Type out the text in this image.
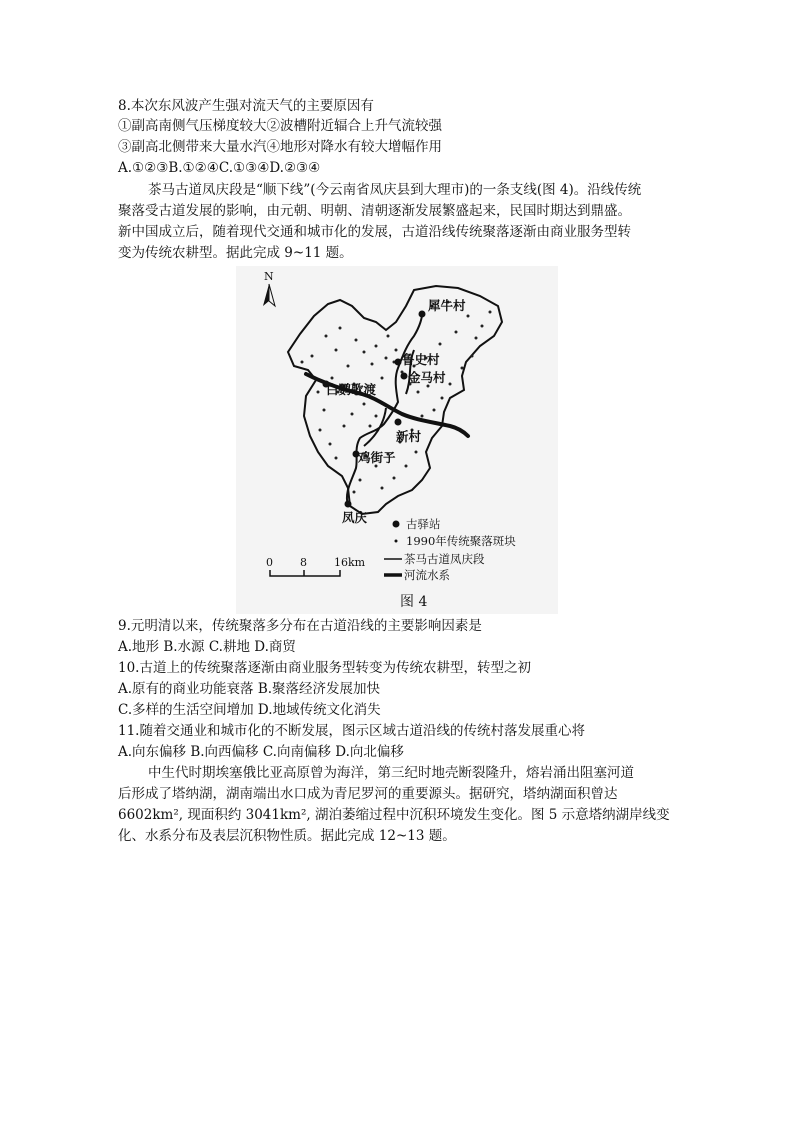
8.本次东风波产生强对流天气的主要原因有
①副高南侧气压梯度较大②波槽附近辐合上升气流较强
③副高北侧带来大量水汽④地形对降水有较大增幅作用
A.①②③B.①②④C.①③④D.②③④
茶马古道凤庆段是“顺下线”(今云南省凤庆县到大理市)的一条支线(图 4)。沿线传统
聚落受古道发展的影响，由元朝、明朝、清朝逐渐发展繁盛起来，民国时期达到鼎盛。
新中国成立后，随着现代交通和城市化的发展，古道沿线传统聚落逐渐由商业服务型转
变为传统农耕型。据此完成 9~11 题。
犀牛村
鲁史村
金马村
白鹦歌渡
新村
鸡街子
凤庆
N
古驿站
1990年传统聚落斑块
茶马古道凤庆段
河流水系
0 8 16km
图 4
9.元明清以来，传统聚落多分布在古道沿线的主要影响因素是
A.地形 B.水源 C.耕地 D.商贸
10.古道上的传统聚落逐渐由商业服务型转变为传统农耕型，转型之初
A.原有的商业功能衰落 B.聚落经济发展加快
C.多样的生活空间增加 D.地域传统文化消失
11.随着交通业和城市化的不断发展，图示区域古道沿线的传统村落发展重心将
A.向东偏移 B.向西偏移 C.向南偏移 D.向北偏移
中生代时期埃塞俄比亚高原曾为海洋，第三纪时地壳断裂隆升，熔岩涌出阻塞河道
后形成了塔纳湖，湖南端出水口成为青尼罗河的重要源头。据研究，塔纳湖面积曾达
6602km², 现面积约 3041km², 湖泊萎缩过程中沉积环境发生变化。图 5 示意塔纳湖岸线变
化、水系分布及表层沉积物性质。据此完成 12~13 题。
